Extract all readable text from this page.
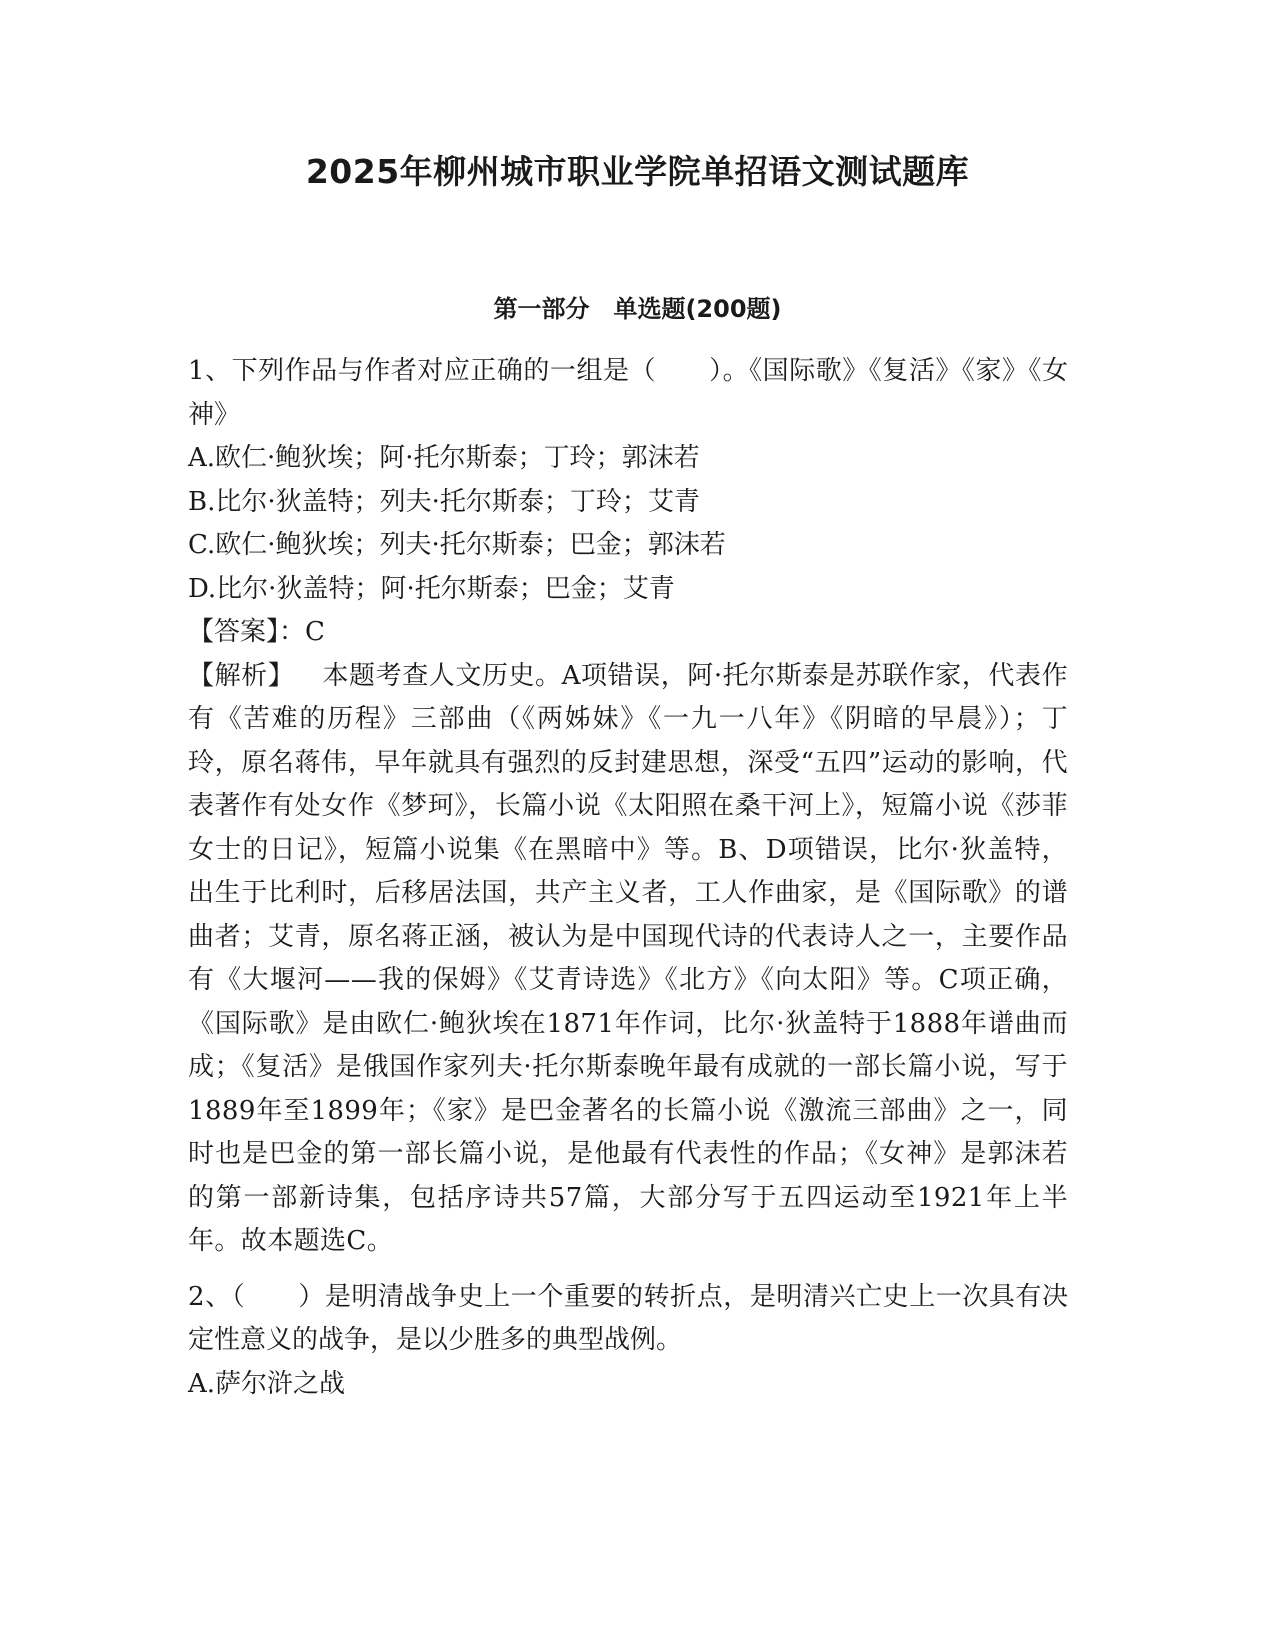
2025年柳州城市职业学院单招语文测试题库
第一部分　单选题(200题)

1、下列作品与作者对应正确的一组是（　　）。《国际歌》《复活》《家》《女神》

A.欧仁·鲍狄埃；阿·托尔斯泰；丁玲；郭沫若

B.比尔·狄盖特；列夫·托尔斯泰；丁玲；艾青

C.欧仁·鲍狄埃；列夫·托尔斯泰；巴金；郭沫若

D.比尔·狄盖特；阿·托尔斯泰；巴金；艾青

【答案】：C

【解析】 本题考查人文历史。A项错误，阿·托尔斯泰是苏联作家，代表作有《苦难的历程》三部曲（《两姊妹》《一九一八年》《阴暗的早晨》）；丁玲，原名蒋伟，早年就具有强烈的反封建思想，深受“五四”运动的影响，代表著作有处女作《梦珂》，长篇小说《太阳照在桑干河上》，短篇小说《莎菲女士的日记》，短篇小说集《在黑暗中》等。B、D项错误，比尔·狄盖特，出生于比利时，后移居法国，共产主义者，工人作曲家，是《国际歌》的谱曲者；艾青，原名蒋正涵，被认为是中国现代诗的代表诗人之一，主要作品有《大堰河——我的保姆》《艾青诗选》《北方》《向太阳》等。C项正确，《国际歌》是由欧仁·鲍狄埃在1871年作词，比尔·狄盖特于1888年谱曲而成；《复活》是俄国作家列夫·托尔斯泰晚年最有成就的一部长篇小说，写于1889年至1899年；《家》是巴金著名的长篇小说《激流三部曲》之一，同时也是巴金的第一部长篇小说，是他最有代表性的作品；《女神》是郭沫若的第一部新诗集，包括序诗共57篇，大部分写于五四运动至1921年上半年。故本题选C。

2、（　　）是明清战争史上一个重要的转折点，是明清兴亡史上一次具有决定性意义的战争，是以少胜多的典型战例。

A.萨尔浒之战
